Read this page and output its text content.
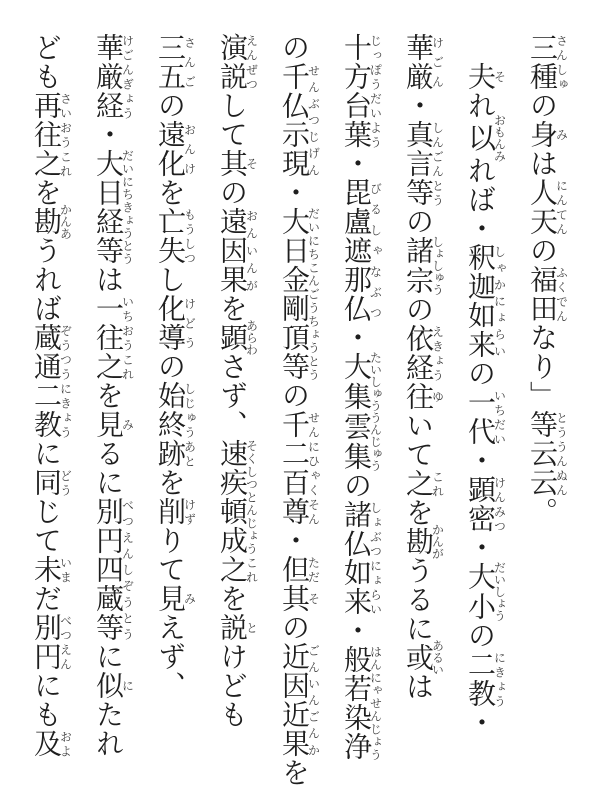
三種さんしゅの身みは人天にんてんの福田ふくでんなり」等とう云云うんぬん。
夫それ以おもんみれば・釈迦如来しゃかにょらいの一代いちだい・顕密けんみつ・大小だいしょうの二教にきょう・
華厳けごん・真言等しんごんとうの諸宗しょしゅうの依経えきょう往ゆいて之これを勘かんがうるに或あるいは
十方台葉じっぽうだいよう・毘盧遮那仏びるしゃなぶつ・大集雲集たいしゅううんじゅうの諸仏如来しょぶつにょらい・般若染浄はんにゃせんじょう
の千仏示現せんぶつじげん・大日金剛頂等だいにちこんごうちょうとうの千二百尊せんにひゃくそん・但ただ其その近因近果ごんいんごんかを
演説えんぜつして其その遠因果おんいんがを顕あらわさず、速疾頓成そくしつとんじょう之これを説とけども
三五さんごの遠化おんけを亡失もうしつし化導けどうの始終しじゅう跡あとを削けずりて見みえず、
華厳経けごんぎょう・大日経等だいにちきょうとうは一往之いちおうこれを見みるに別円四蔵等べつえんしぞうとうに似にたれ
ども再往之さいおうこれを勘かんあうれば蔵通二教ぞうつうにきょうに同どうじて未いまだ別円べつえんにも及およ
